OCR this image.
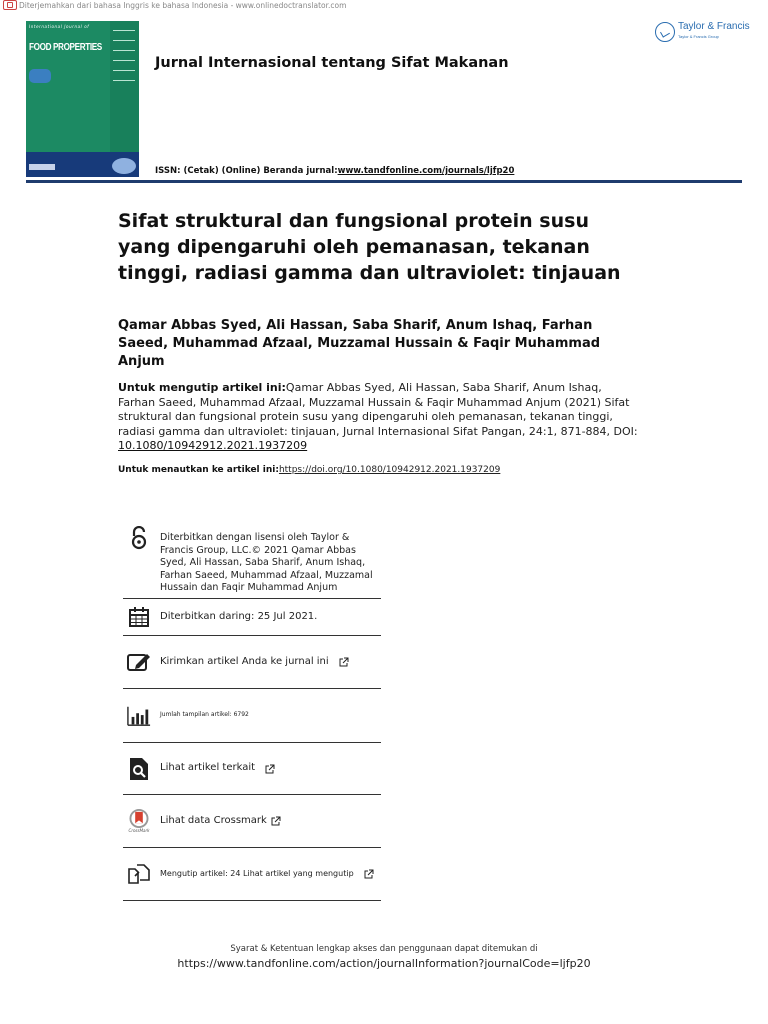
Diterjemahkan dari bahasa Inggris ke bahasa Indonesia - www.onlinedoctranslator.com
International Journal of
FOOD PROPERTIES
Jurnal Internasional tentang Sifat Makanan
Taylor & Francis
Taylor & Francis Group
ISSN: (Cetak) (Online) Beranda jurnal:www.tandfonline.com/journals/ljfp20
Sifat struktural dan fungsional protein susu yang dipengaruhi oleh pemanasan, tekanan tinggi, radiasi gamma dan ultraviolet: tinjauan
Qamar Abbas Syed, Ali Hassan, Saba Sharif, Anum Ishaq, Farhan Saeed, Muhammad Afzaal, Muzzamal Hussain & Faqir Muhammad Anjum
Untuk mengutip artikel ini:Qamar Abbas Syed, Ali Hassan, Saba Sharif, Anum Ishaq, Farhan Saeed, Muhammad Afzaal, Muzzamal Hussain & Faqir Muhammad Anjum (2021) Sifat struktural dan fungsional protein susu yang dipengaruhi oleh pemanasan, tekanan tinggi, radiasi gamma dan ultraviolet: tinjauan, Jurnal Internasional Sifat Pangan, 24:1, 871-884, DOI: 10.1080/10942912.2021.1937209
Untuk menautkan ke artikel ini:https://doi.org/10.1080/10942912.2021.1937209
Diterbitkan dengan lisensi oleh Taylor & Francis Group, LLC.© 2021 Qamar Abbas Syed, Ali Hassan, Saba Sharif, Anum Ishaq, Farhan Saeed, Muhammad Afzaal, Muzzamal Hussain dan Faqir Muhammad Anjum
Diterbitkan daring: 25 Jul 2021.
Kirimkan artikel Anda ke jurnal ini
Jumlah tampilan artikel: 6792
Lihat artikel terkait
CrossMark
Lihat data Crossmark
Mengutip artikel: 24 Lihat artikel yang mengutip
Syarat & Ketentuan lengkap akses dan penggunaan dapat ditemukan di
https://www.tandfonline.com/action/journalInformation?journalCode=ljfp20
